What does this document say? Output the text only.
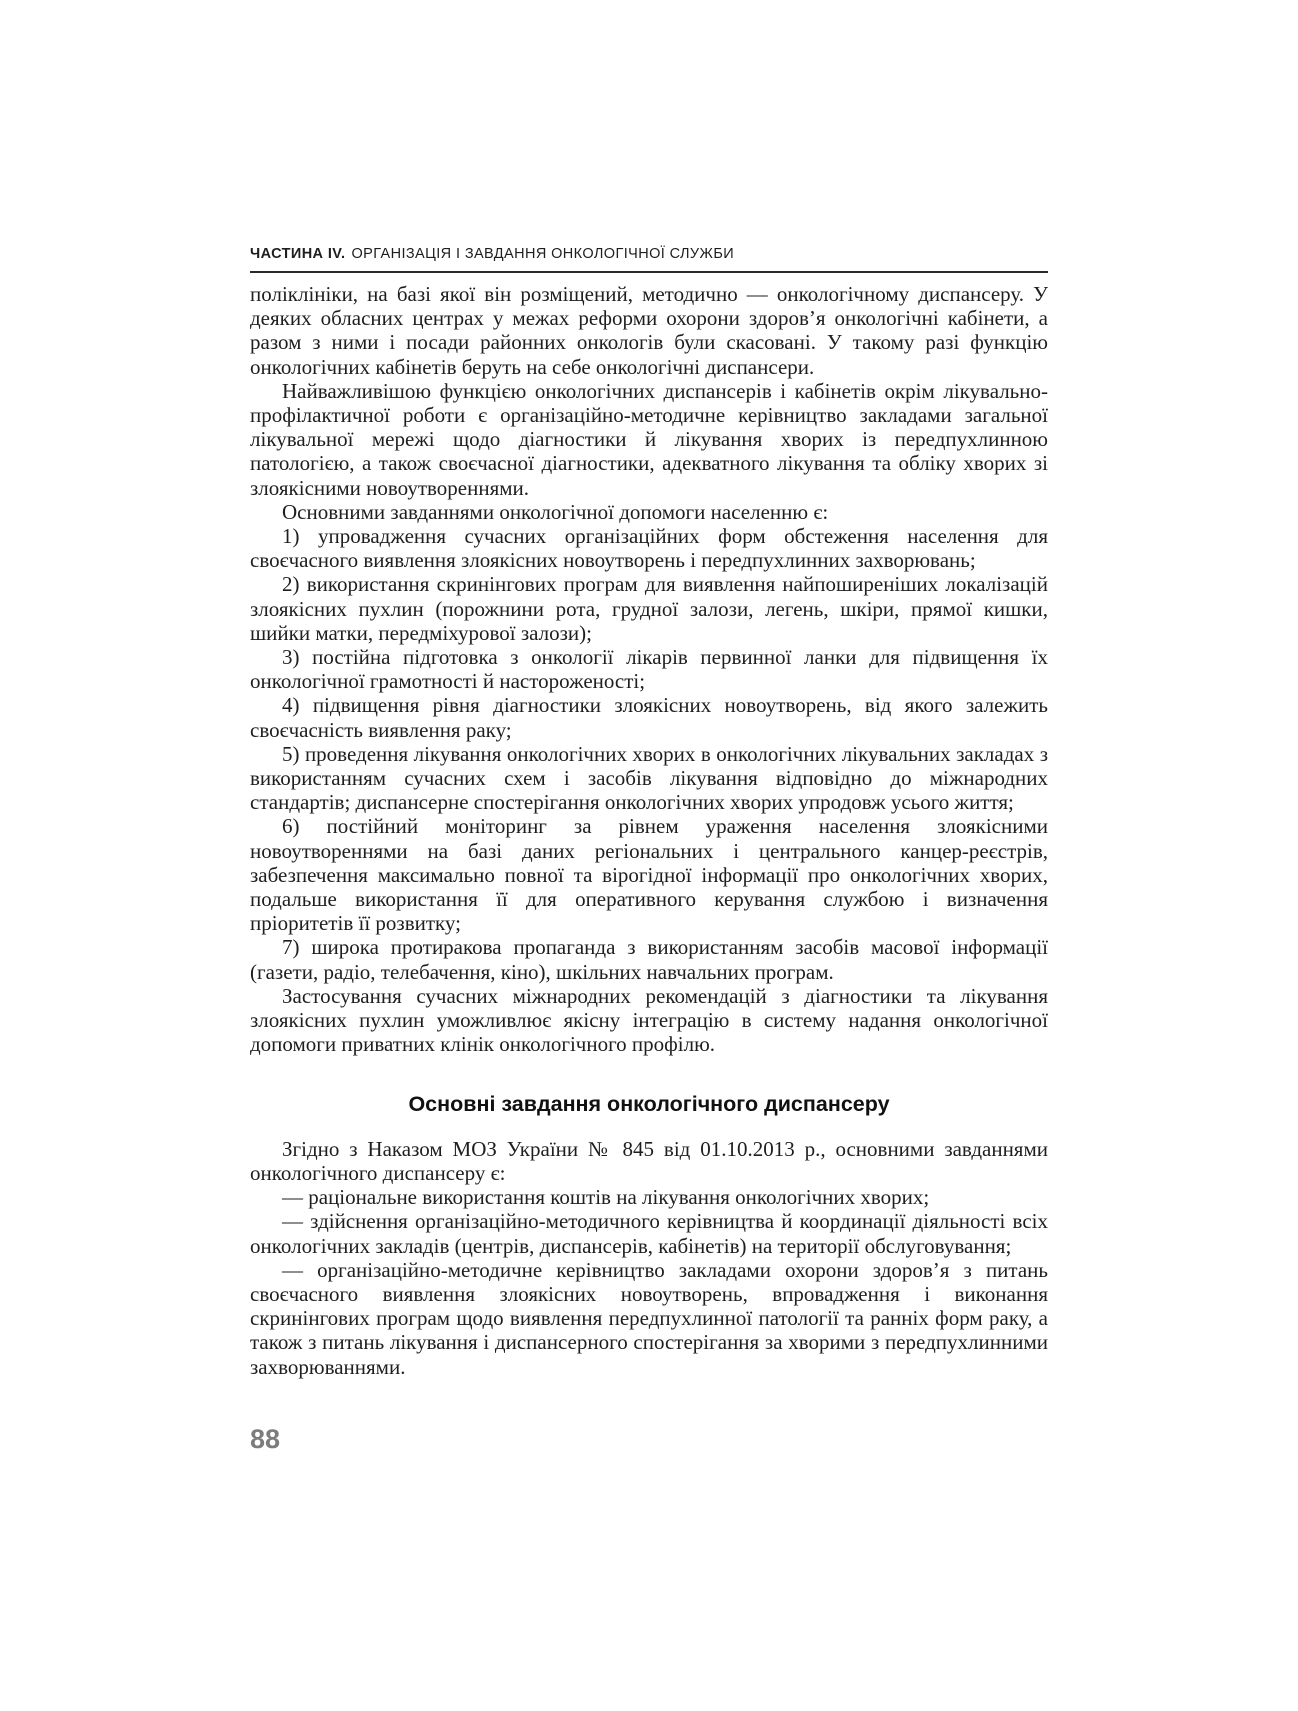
ЧАСТИНА IV. ОРГАНІЗАЦІЯ І ЗАВДАННЯ ОНКОЛОГІЧНОЇ СЛУЖБИ

поліклініки, на базі якої він розміщений, методично — онкологічному диспансеру. У деяких обласних центрах у межах реформи охорони здоров’я онкологічні кабінети, а разом з ними і посади районних онкологів були скасовані. У такому разі функцію онкологічних кабінетів беруть на себе онкологічні диспансери.

Найважливішою функцією онкологічних диспансерів і кабінетів окрім лікувально-профілактичної роботи є організаційно-методичне керівництво закладами загальної лікувальної мережі щодо діагностики й лікування хворих із передпухлинною патологією, а також своєчасної діагностики, адекватного лікування та обліку хворих зі злоякісними новоутвореннями.

Основними завданнями онкологічної допомоги населенню є:

1) упровадження сучасних організаційних форм обстеження населення для своєчасного виявлення злоякісних новоутворень і передпухлинних захворювань;

2) використання скринінгових програм для виявлення найпоширеніших локалізацій злоякісних пухлин (порожнини рота, грудної залози, легень, шкіри, прямої кишки, шийки матки, передміхурової залози);

3) постійна підготовка з онкології лікарів первинної ланки для підвищення їх онкологічної грамотності й настороженості;

4) підвищення рівня діагностики злоякісних новоутворень, від якого залежить своєчасність виявлення раку;

5) проведення лікування онкологічних хворих в онкологічних лікувальних закладах з використанням сучасних схем і засобів лікування відповідно до міжнародних стандартів; диспансерне спостерігання онкологічних хворих упродовж усього життя;

6) постійний моніторинг за рівнем ураження населення злоякісними новоутвореннями на базі даних регіональних і центрального канцер-реєстрів, забезпечення максимально повної та вірогідної інформації про онкологічних хворих, подальше використання її для оперативного керування службою і визначення пріоритетів її розвитку;

7) широка протиракова пропаганда з використанням засобів масової інформації (газети, радіо, телебачення, кіно), шкільних навчальних програм.

Застосування сучасних міжнародних рекомендацій з діагностики та лікування злоякісних пухлин уможливлює якісну інтеграцію в систему надання онкологічної допомоги приватних клінік онкологічного профілю.

Основні завдання онкологічного диспансеру

Згідно з Наказом МОЗ України № 845 від 01.10.2013 р., основними завданнями онкологічного диспансеру є:

— раціональне використання коштів на лікування онкологічних хворих;

— здійснення організаційно-методичного керівництва й координації діяльності всіх онкологічних закладів (центрів, диспансерів, кабінетів) на території обслуговування;

— організаційно-методичне керівництво закладами охорони здоров’я з питань своєчасного виявлення злоякісних новоутворень, впровадження і виконання скринінгових програм щодо виявлення передпухлинної патології та ранніх форм раку, а також з питань лікування і диспансерного спостерігання за хворими з передпухлинними захворюваннями.

88
